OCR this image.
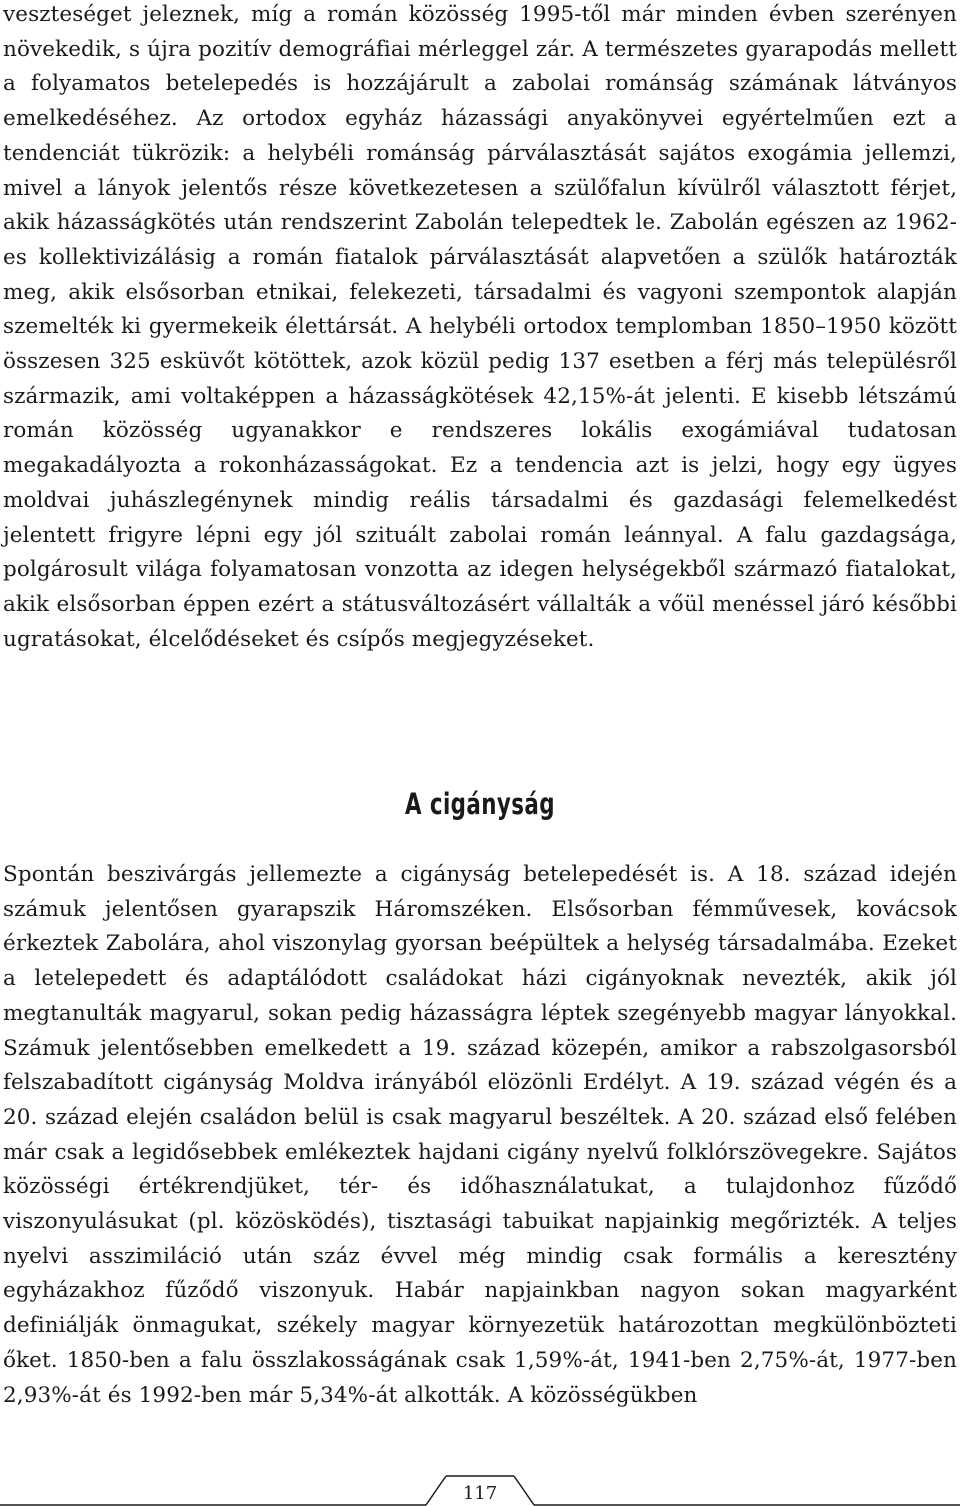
veszteséget jeleznek, míg a román közösség 1995-től már minden évben szerényen növekedik, s újra pozitív demográfiai mérleggel zár. A természetes gyarapodás mellett a folyamatos betelepedés is hozzájárult a zabolai románság számának látványos emelkedéséhez. Az ortodox egyház házassági anyakönyvei egyértelműen ezt a tendenciát tükrözik: a helybéli románság párválasztását sajátos exogámia jellemzi, mivel a lányok jelentős része következetesen a szülőfalun kívülről választott férjet, akik házasságkötés után rendszerint Zabolán telepedtek le. Zabolán egészen az 1962-es kollektivizálásig a román fiatalok párválasztását alapvetően a szülők határozták meg, akik elsősorban etnikai, felekezeti, társadalmi és vagyoni szempontok alapján szemelték ki gyermekeik élettársát. A helybéli ortodox templomban 1850–1950 között összesen 325 esküvőt kötöttek, azok közül pedig 137 esetben a férj más településről származik, ami voltaképpen a házasságkötések 42,15%-át jelenti. E kisebb létszámú román közösség ugyanakkor e rendszeres lokális exogámiával tudatosan megakadályozta a rokonházasságokat. Ez a tendencia azt is jelzi, hogy egy ügyes moldvai juhászlegénynek mindig reális társadalmi és gazdasági felemelkedést jelentett frigyre lépni egy jól szituált zabolai román leánnyal. A falu gazdagsága, polgárosult világa folyamatosan vonzotta az idegen helységekből származó fiatalokat, akik elsősorban éppen ezért a státusváltozásért vállalták a vőül menéssel járó későbbi ugratásokat, élcelődéseket és csípős megjegyzéseket.

A cigányság

Spontán beszivárgás jellemezte a cigányság betelepedését is. A 18. század idején számuk jelentősen gyarapszik Háromszéken. Elsősorban fémművesek, kovácsok érkeztek Zabolára, ahol viszonylag gyorsan beépültek a helység társadalmába. Ezeket a letelepedett és adaptálódott családokat házi cigányoknak nevezték, akik jól megtanulták magyarul, sokan pedig házasságra léptek szegényebb magyar lányokkal. Számuk jelentősebben emelkedett a 19. század közepén, amikor a rabszolgasorsból felszabadított cigányság Moldva irányából elözönli Erdélyt. A 19. század végén és a 20. század elején családon belül is csak magyarul beszéltek. A 20. század első felében már csak a legidősebbek emlékeztek hajdani cigány nyelvű folklórszövegekre. Sajátos közösségi értékrendjüket, tér- és időhasználatukat, a tulajdonhoz fűződő viszonyulásukat (pl. közösködés), tisztasági tabuikat napjainkig megőrizték. A teljes nyelvi asszimiláció után száz évvel még mindig csak formális a keresztény egyházakhoz fűződő viszonyuk. Habár napjainkban nagyon sokan magyarként definiálják önmagukat, székely magyar környezetük határozottan megkülönbözteti őket. 1850-ben a falu összlakosságának csak 1,59%-át, 1941-ben 2,75%-át, 1977-ben 2,93%-át és 1992-ben már 5,34%-át alkották. A közösségükben

117
